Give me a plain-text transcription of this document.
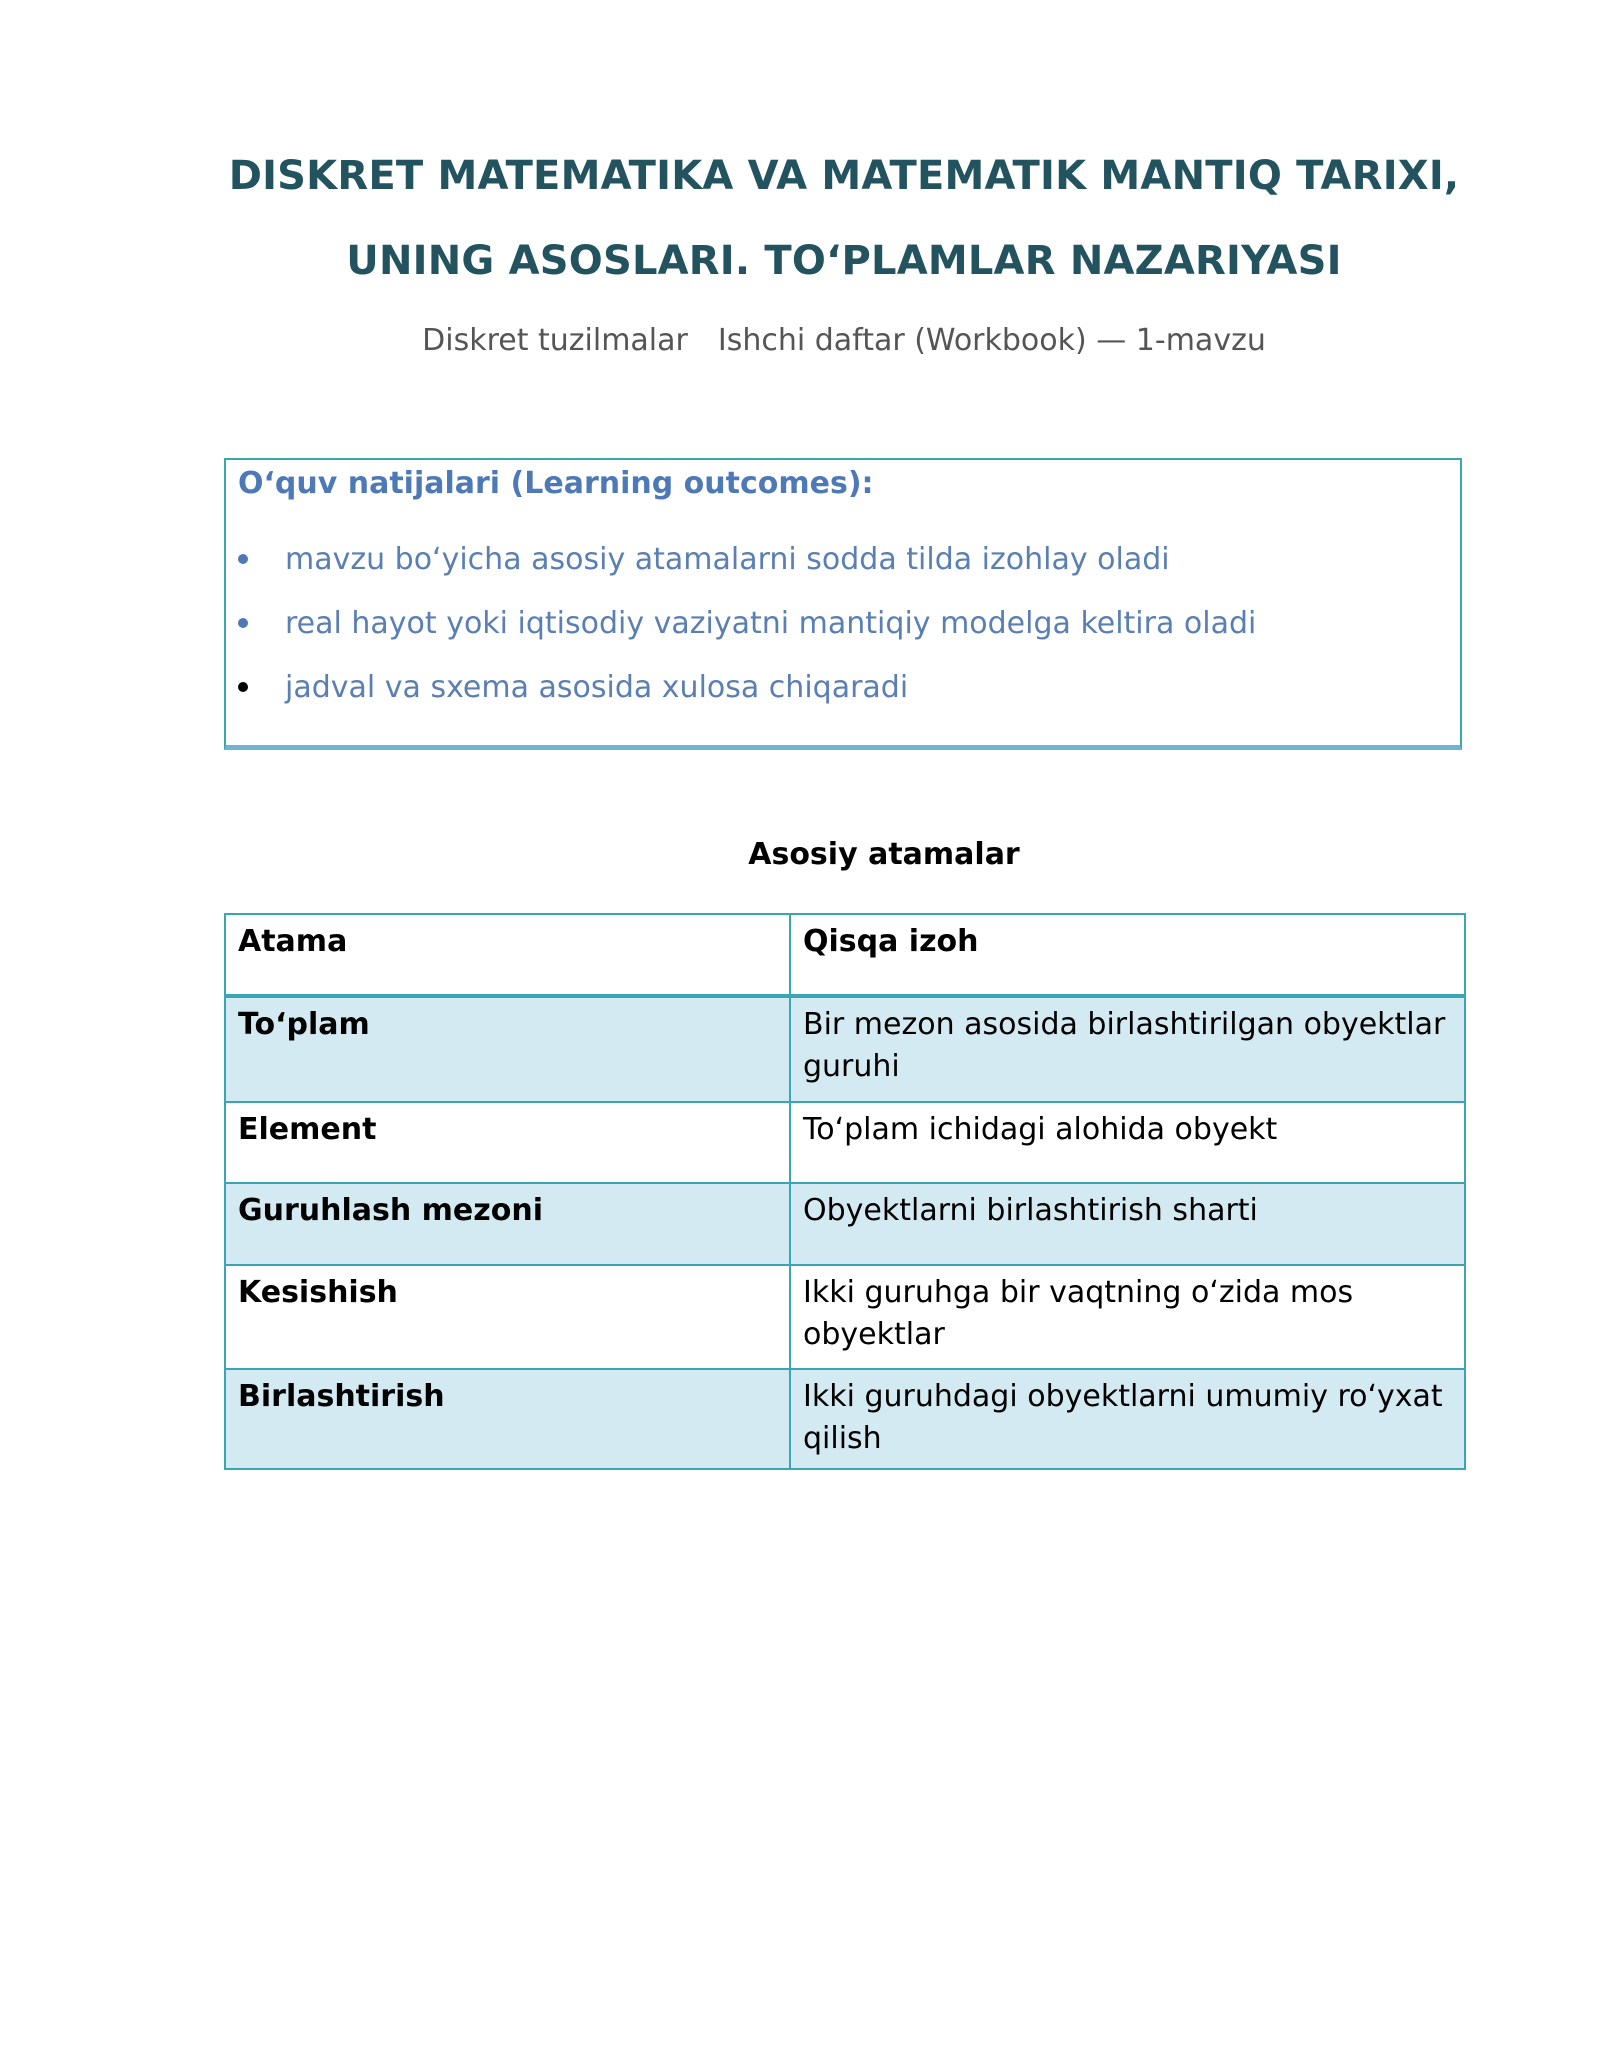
DISKRET MATEMATIKA VA MATEMATIK MANTIQ TARIXI,
UNING ASOSLARI. TO‘PLAMLAR NAZARIYASI
Diskret tuzilmalar Ishchi daftar (Workbook) — 1-mavzu
O‘quv natijalari (Learning outcomes):
mavzu bo‘yicha asosiy atamalarni sodda tilda izohlay oladi
real hayot yoki iqtisodiy vaziyatni mantiqiy modelga keltira oladi
jadval va sxema asosida xulosa chiqaradi
Asosiy atamalar
Atama	Qisqa izoh
To‘plam	Bir mezon asosida birlashtirilgan obyektlar guruhi
Element	To‘plam ichidagi alohida obyekt
Guruhlash mezoni	Obyektlarni birlashtirish sharti
Kesishish	Ikki guruhga bir vaqtning o‘zida mos obyektlar
Birlashtirish	Ikki guruhdagi obyektlarni umumiy ro‘yxat qilish
